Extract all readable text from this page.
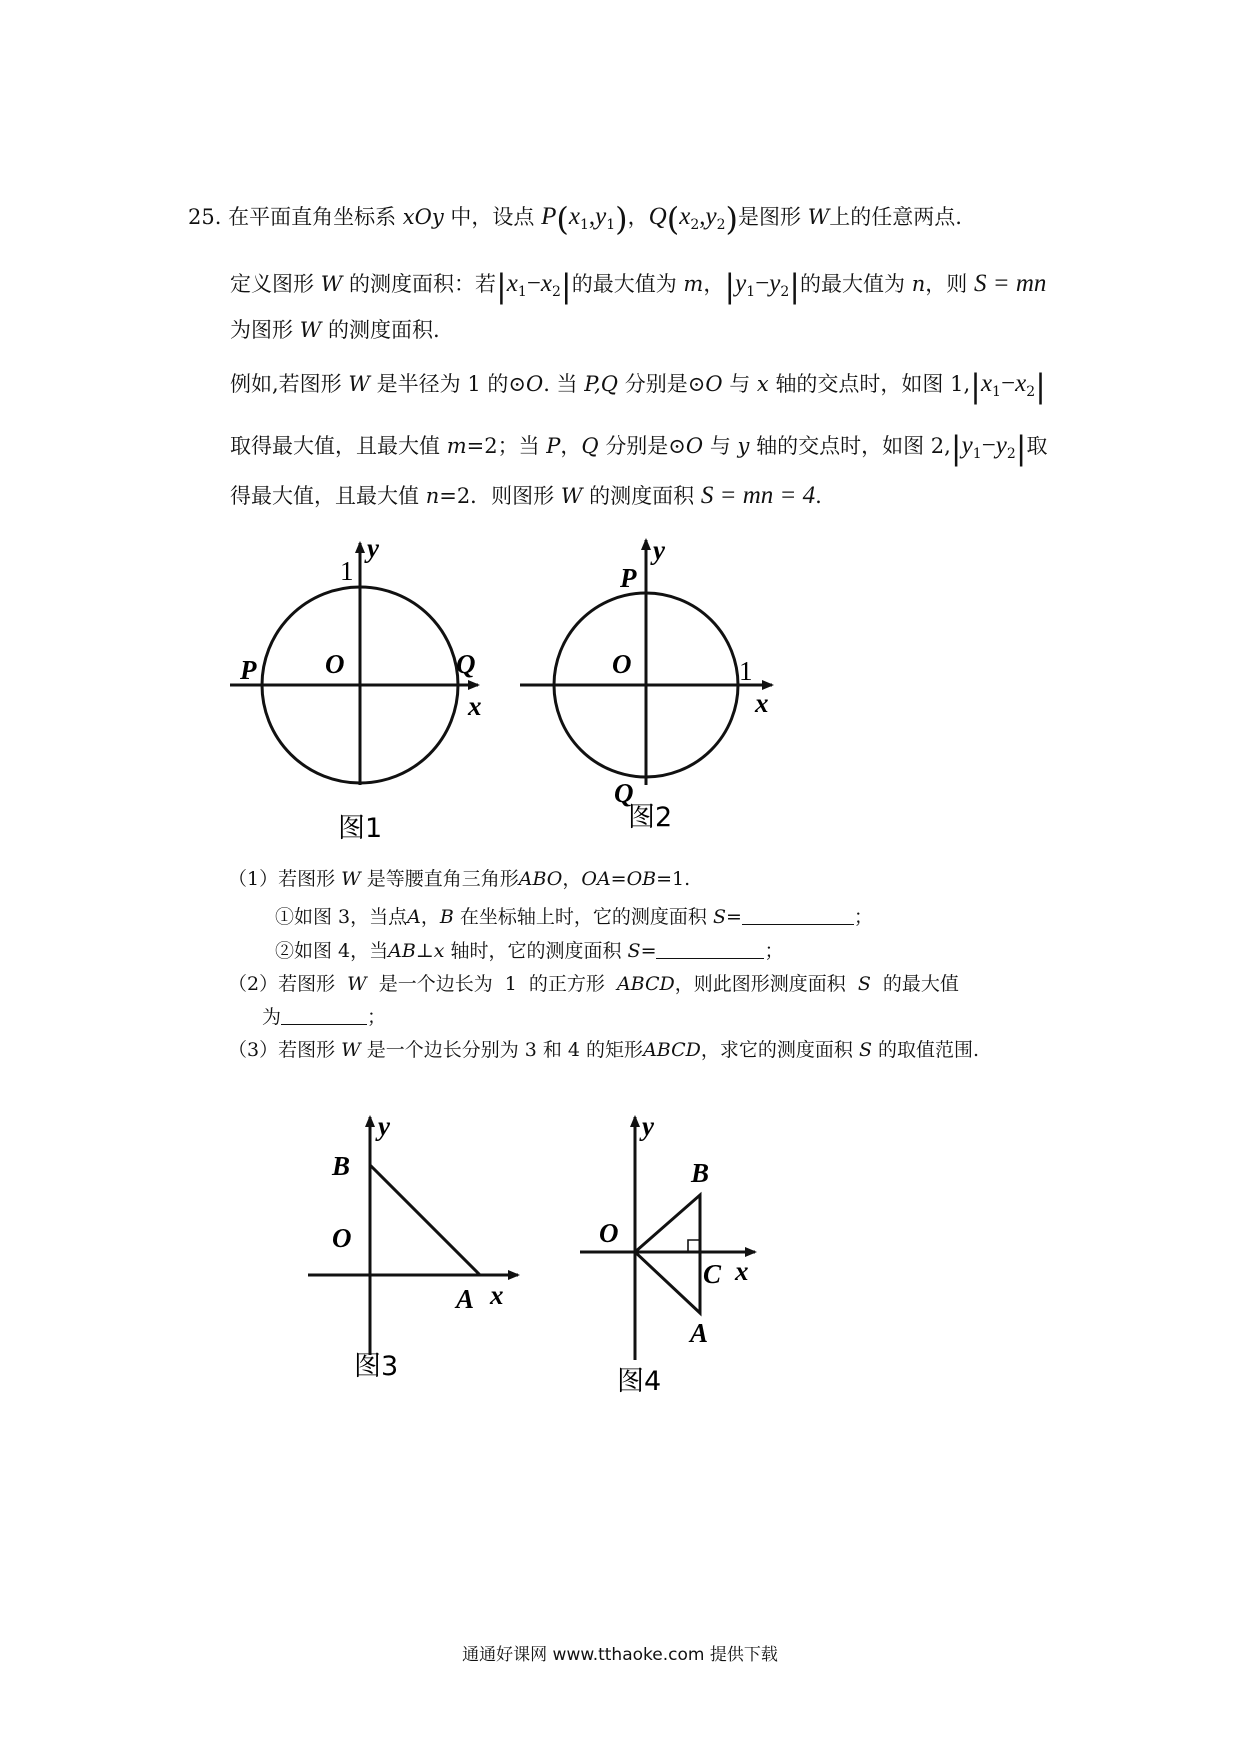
25. 在平面直角坐标系 xOy 中，设点 $P(x_1,y_1)$，$Q(x_2,y_2)$是图形 W上的任意两点.
定义图形 W 的测度面积：若$|x_1-x_2|$的最大值为 m，$|y_1-y_2|$的最大值为 n，则 S = mn
为图形 W 的测度面积.
例如,若图形 W 是半径为 1 的⊙O. 当 P,Q 分别是⊙O 与 x 轴的交点时，如图 $1,|x_1-x_2|$
取得最大值，且最大值 m=2；当 P，Q 分别是⊙O 与 y 轴的交点时，如图 $2,|y_1-y_2|$取
得最大值，且最大值 n=2．则图形 W 的测度面积 S = mn = 4.
1
y
O
P	Q
x
图1
y
P
O	1
x
Q
图2
（1）若图形 W 是等腰直角三角形ABO，OA=OB=1.
①如图 3，当点A，B 在坐标轴上时，它的测度面积 S=	；
②如图 4，当AB⊥x 轴时，它的测度面积 S=	；
（2）若图形 W 是一个边长为 1 的正方形 ABCD，则此图形测度面积 S 的最大值
为	；
（3）若图形 W 是一个边长分别为 3 和 4 的矩形ABCD，求它的测度面积 S 的取值范围.
y
B
O
A x
图3
y
B
O
C x
A
图4
通通好课网 www.tthaoke.com 提供下载
